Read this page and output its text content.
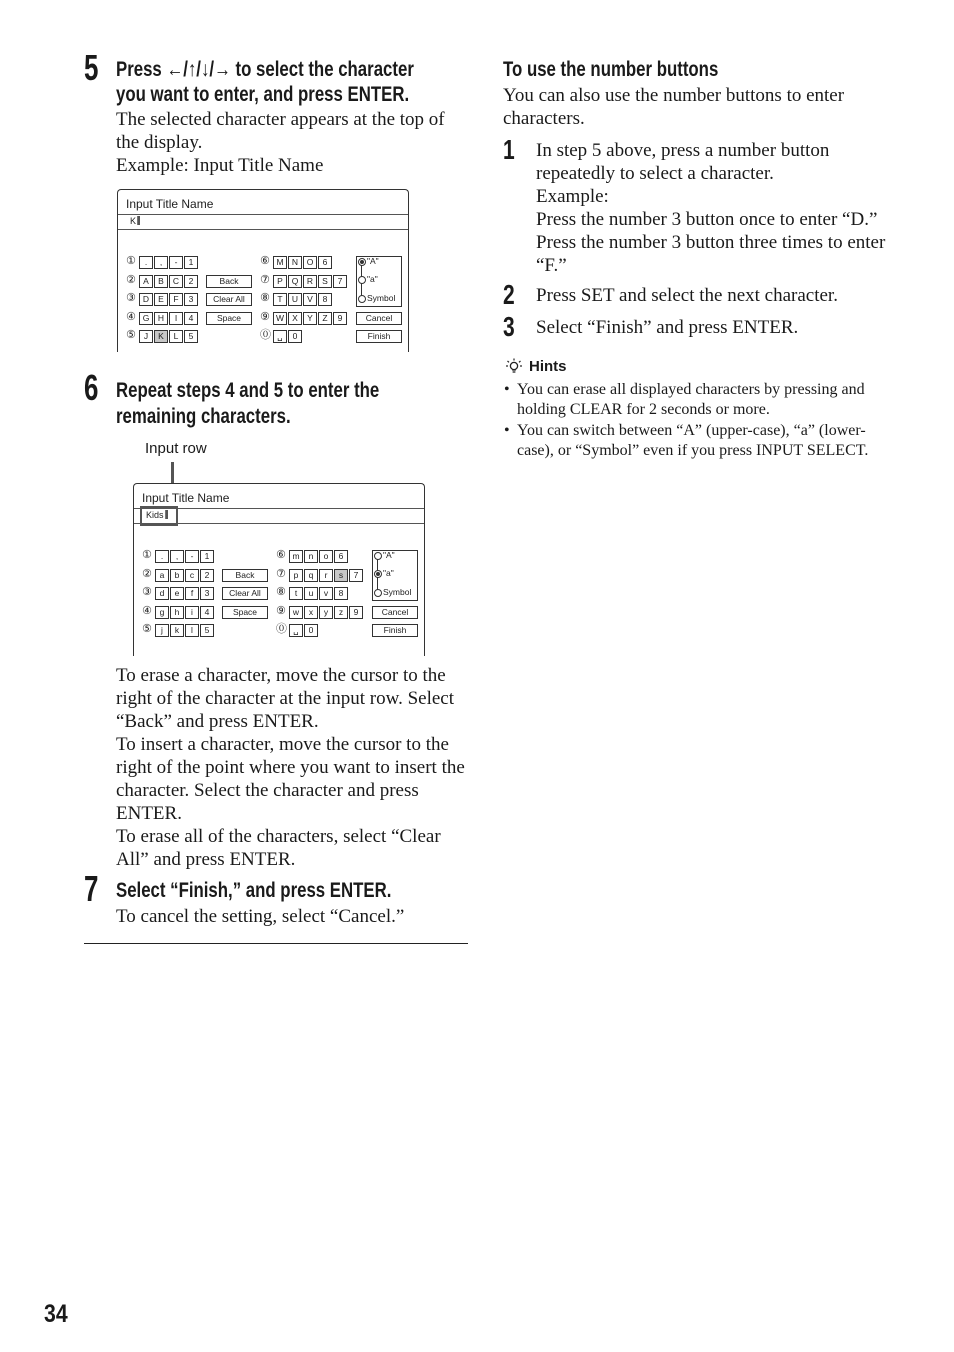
5 Press ←/↑/↓/→ to select the character
you want to enter, and press ENTER.

The selected character appears at the top of

the display.

Example: Input Title Name

Input Title Name
K
①	.	,	-	1
② A	B	C	2
③ D	E	F	3
④ G	H	I	4
⑤ J	K	L	5
⑥ M N	O	6
⑦ P	Q	R	S	7
⑧ T	U	V	8
⑨ W X	Y	Z	9
⓪ ␣	0
Back
Clear All
Space
"A"
"a"
Symbol
Cancel
Finish
6 Repeat steps 4 and 5 to enter the
remaining characters.
Input row
Input Title Name
Kids
①	.	,	-	1
② a	b	c	2
③ d	e	f	3
④ g	h	i	4
⑤	j	k	l	5
⑥ m	n	o	6
⑦ p	q	r	s	7
⑧	t	u	v	8
⑨ w	x	y	z	9
⓪ ␣	0
Back
Clear All
Space
"A"
"a"
Symbol
Cancel
Finish

To erase a character, move the cursor to the

right of the character at the input row. Select

“Back” and press ENTER.

To insert a character, move the cursor to the

right of the point where you want to insert the

character. Select the character and press

ENTER.

To erase all of the characters, select “Clear

All” and press ENTER.

7 Select “Finish,” and press ENTER.
To cancel the setting, select “Cancel.”
To use the number buttons

You can also use the number buttons to enter

characters.

1 In step 5 above, press a number button

repeatedly to select a character.

Example:

Press the number 3 button once to enter “D.”

Press the number 3 button three times to enter

“F.”

2 Press SET and select the next character.
3 Select “Finish” and press ENTER.
Hints
• You can erase all displayed characters by pressing and
holding CLEAR for 2 seconds or more.
• You can switch between “A” (upper-case), “a” (lower-
case), or “Symbol” even if you press INPUT SELECT.
34
